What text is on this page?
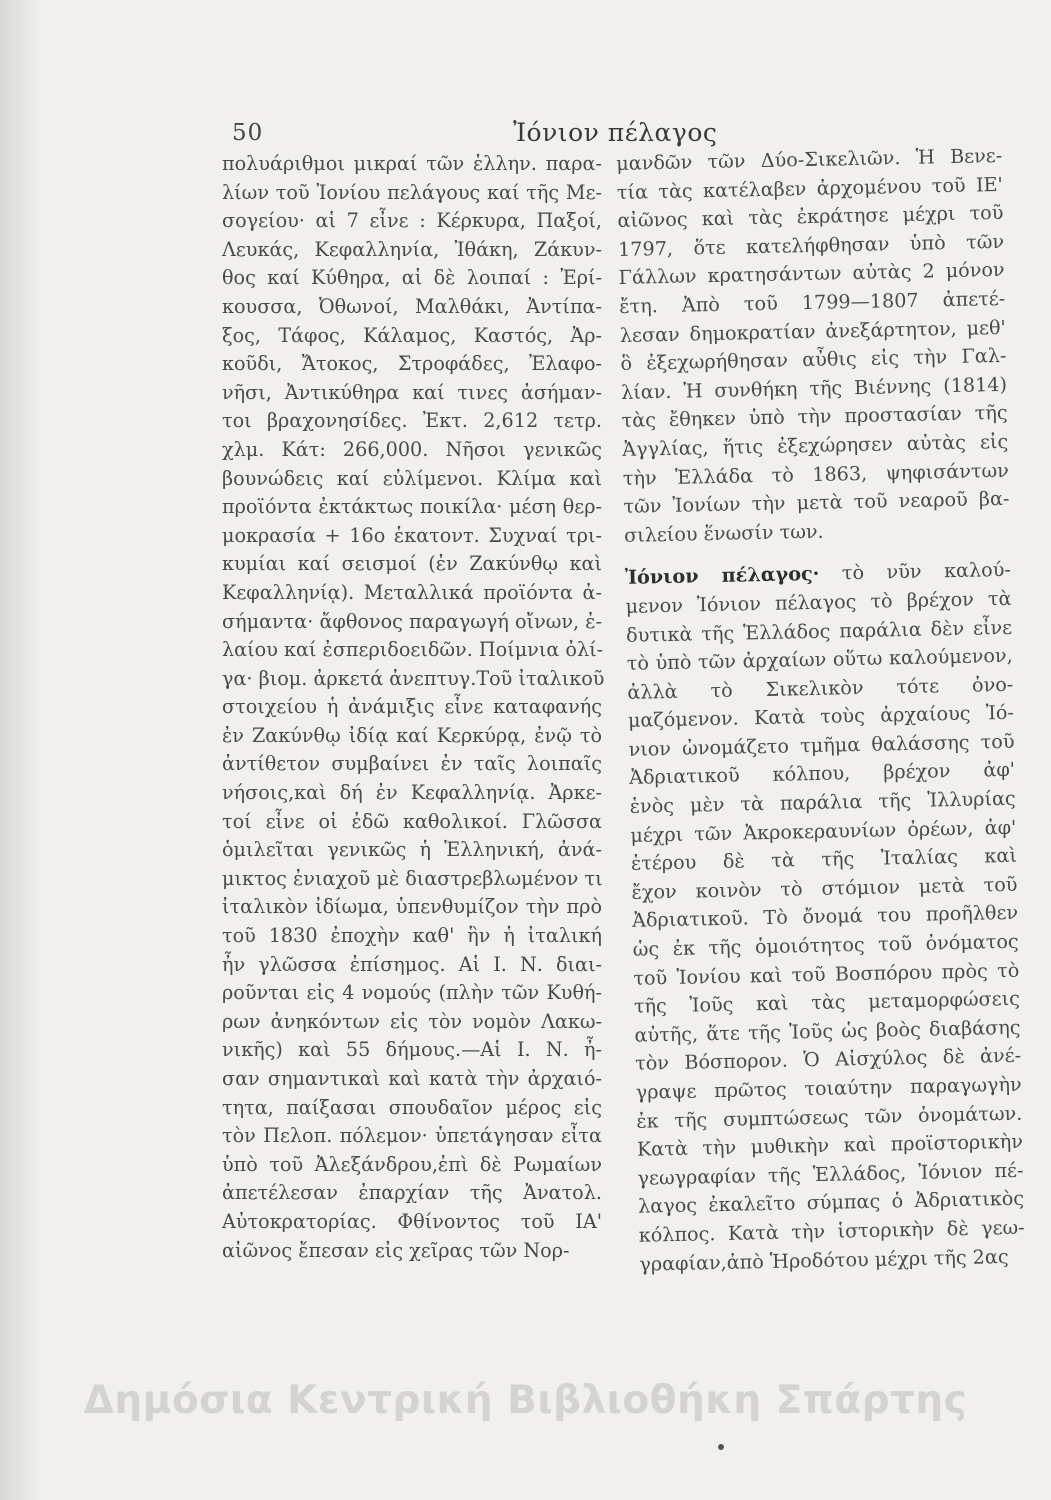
50	Ἰόνιον πέλαγος
πολυάριθμοι μικραί τῶν ἑλλην. παρα-
λίων τοῦ Ἰονίου πελάγους καί τῆς Με-
σογείου· αἱ 7 εἶνε : Κέρκυρα, Παξοί,
Λευκάς, Κεφαλληνία, Ἰθάκη, Ζάκυν-
θος καί Κύθηρα, αἱ δὲ λοιπαί : Ἐρί-
κουσσα, Ὀθωνοί, Μαλθάκι, Ἀντίπα-
ξος, Τάφος, Κάλαμος, Καστός, Ἀρ-
κοῦδι, Ἄτοκος, Στροφάδες, Ἐλαφο-
νῆσι, Ἀντικύθηρα καί τινες ἀσήμαν-
τοι βραχονησίδες. Ἐκτ. 2,612 τετρ.
χλμ. Κάτ: 266,000. Νῆσοι γενικῶς
βουνώδεις καί εὐλίμενοι. Κλίμα καὶ
προϊόντα ἐκτάκτως ποικίλα· μέση θερ-
μοκρασία + 16ο ἑκατονт. Συχναί τρι-
κυμίαι καί σεισμοί (ἐν Ζακύνθῳ καὶ
Κεφαλληνίᾳ). Μεταλλικά προϊόντα ἀ-
σήμαντα· ἄφθονος παραγωγή οἴνων, ἐ-
λαίου καί ἐσπεριδοειδῶν. Ποίμνια ὀλί-
γα· βιομ. ἀρκετά ἀνεπτυγ.Τοῦ ἰταλικοῦ
στοιχείου ἡ ἀνάμιξις εἶνε καταφανής
ἐν Ζακύνθῳ ἰδίᾳ καί Κερκύρᾳ, ἐνῷ τὸ
ἀντίθετον συμβαίνει ἐν ταῖς λοιπαῖς
νήσοις,καὶ δή ἐν Κεφαλληνίᾳ. Ἀρκε-
τοί εἶνε οἱ ἐδῶ καθολικοί. Γλῶσσα
ὁμιλεῖται γενικῶς ἡ Ἑλληνική, ἀνά-
μικτος ἐνιαχοῦ μὲ διαστρεβλωμένον τι
ἰταλικὸν ἰδίωμα, ὑπενθυμίζον τὴν πρὸ
τοῦ 1830 ἐποχὴν καθ' ἣν ἡ ἰταλική
ἦν γλῶσσα ἐπίσημος. Αἱ Ι. Ν. διαι-
ροῦνται εἰς 4 νομούς (πλὴν τῶν Κυθή-
ρων ἀνηκόντων εἰς τὸν νομὸν Λακω-
νικῆς) καὶ 55 δήμους.—Αἱ Ι. Ν. ἦ-
σαν σημαντικαὶ καὶ κατὰ τὴν ἀρχαιό-
τητα, παίξασαι σπουδαῖον μέρος εἰς
τὸν Πελοπ. πόλεμον· ὑπετάγησαν εἶτα
ὑπὸ τοῦ Ἀλεξάνδρου,ἐπὶ δὲ Ρωμαίων
ἀπετέλεσαν ἐπαρχίαν τῆς Ἀνατολ.
Αὐτοκρατορίας. Φθίνοντος τοῦ ΙΑ'
αἰῶνος ἔπεσαν εἰς χεῖρας τῶν Νορ-
μανδῶν τῶν Δύο-Σικελιῶν. Ἡ Βενε-
τία τὰς κατέλαβεν ἀρχομένου τοῦ ΙΕ'
αἰῶνος καὶ τὰς ἐκράτησε μέχρι τοῦ
1797, ὅτε κατελήφθησαν ὑπὸ τῶν
Γάλλων κρατησάντων αὐτὰς 2 μόνον
ἔτη. Ἀπὸ τοῦ 1799—1807 ἀπετέ-
λεσαν δημοκρατίαν ἀνεξάρτητον, μεθ'
ὃ ἐξεχωρήθησαν αὖθις εἰς τὴν Γαλ-
λίαν. Ἡ συνθήκη τῆς Βιέννης (1814)
τὰς ἔθηκεν ὑπὸ τὴν προστασίαν τῆς
Ἀγγλίας, ἥτις ἐξεχώρησεν αὐτὰς εἰς
τὴν Ἑλλάδα τὸ 1863, ψηφισάντων
τῶν Ἰονίων τὴν μετὰ τοῦ νεαροῦ βα-
σιλείου ἕνωσίν των.
Ἰόνιον πέλαγος· τὸ νῦν καλού-
μενον Ἰόνιον πέλαγος τὸ βρέχον τὰ
δυτικὰ τῆς Ἑλλάδος παράλια δὲν εἶνε
τὸ ὑπὸ τῶν ἀρχαίων οὕτω καλούμενον,
ἀλλὰ τὸ Σικελικὸν τότε ὀνο-
μαζόμενον. Κατὰ τοὺς ἀρχαίους Ἰό-
νιον ὠνομάζετο τμῆμα θαλάσσης τοῦ
Ἀδριατικοῦ κόλπου, βρέχον ἀφ'
ἑνὸς μὲν τὰ παράλια τῆς Ἰλλυρίας
μέχρι τῶν Ἀκροκεραυνίων ὀρέων, ἀφ'
ἑτέρου δὲ τὰ τῆς Ἰταλίας καὶ
ἔχον κοινὸν τὸ στόμιον μετὰ τοῦ
Ἀδριατικοῦ. Τὸ ὄνομά του προῆλθεν
ὡς ἐκ τῆς ὁμοιότητος τοῦ ὀνόματος
τοῦ Ἰονίου καὶ τοῦ Βοσπόρου πρὸς τὸ
τῆς Ἰοῦς καὶ τὰς μεταμορφώσεις
αὐτῆς, ἅτε τῆς Ἰοῦς ὡς βοὸς διαβάσης
τὸν Βόσπορον. Ὁ Αἰσχύλος δὲ ἀνέ-
γραψε πρῶτος τοιαύτην παραγωγὴν
ἐκ τῆς συμπτώσεως τῶν ὀνομάτων.
Κατὰ τὴν μυθικὴν καὶ προϊστορικὴν
γεωγραφίαν τῆς Ἑλλάδος, Ἰόνιον πέ-
λαγος ἐκαλεῖτο σύμπας ὁ Ἀδριατικὸς
κόλπος. Κατὰ τὴν ἱστορικὴν δὲ γεω-
γραφίαν,ἀπὸ Ἡροδότου μέχρι τῆς 2ας
Δημόσια Κεντρική Βιβλιοθήκη Σπάρτης
